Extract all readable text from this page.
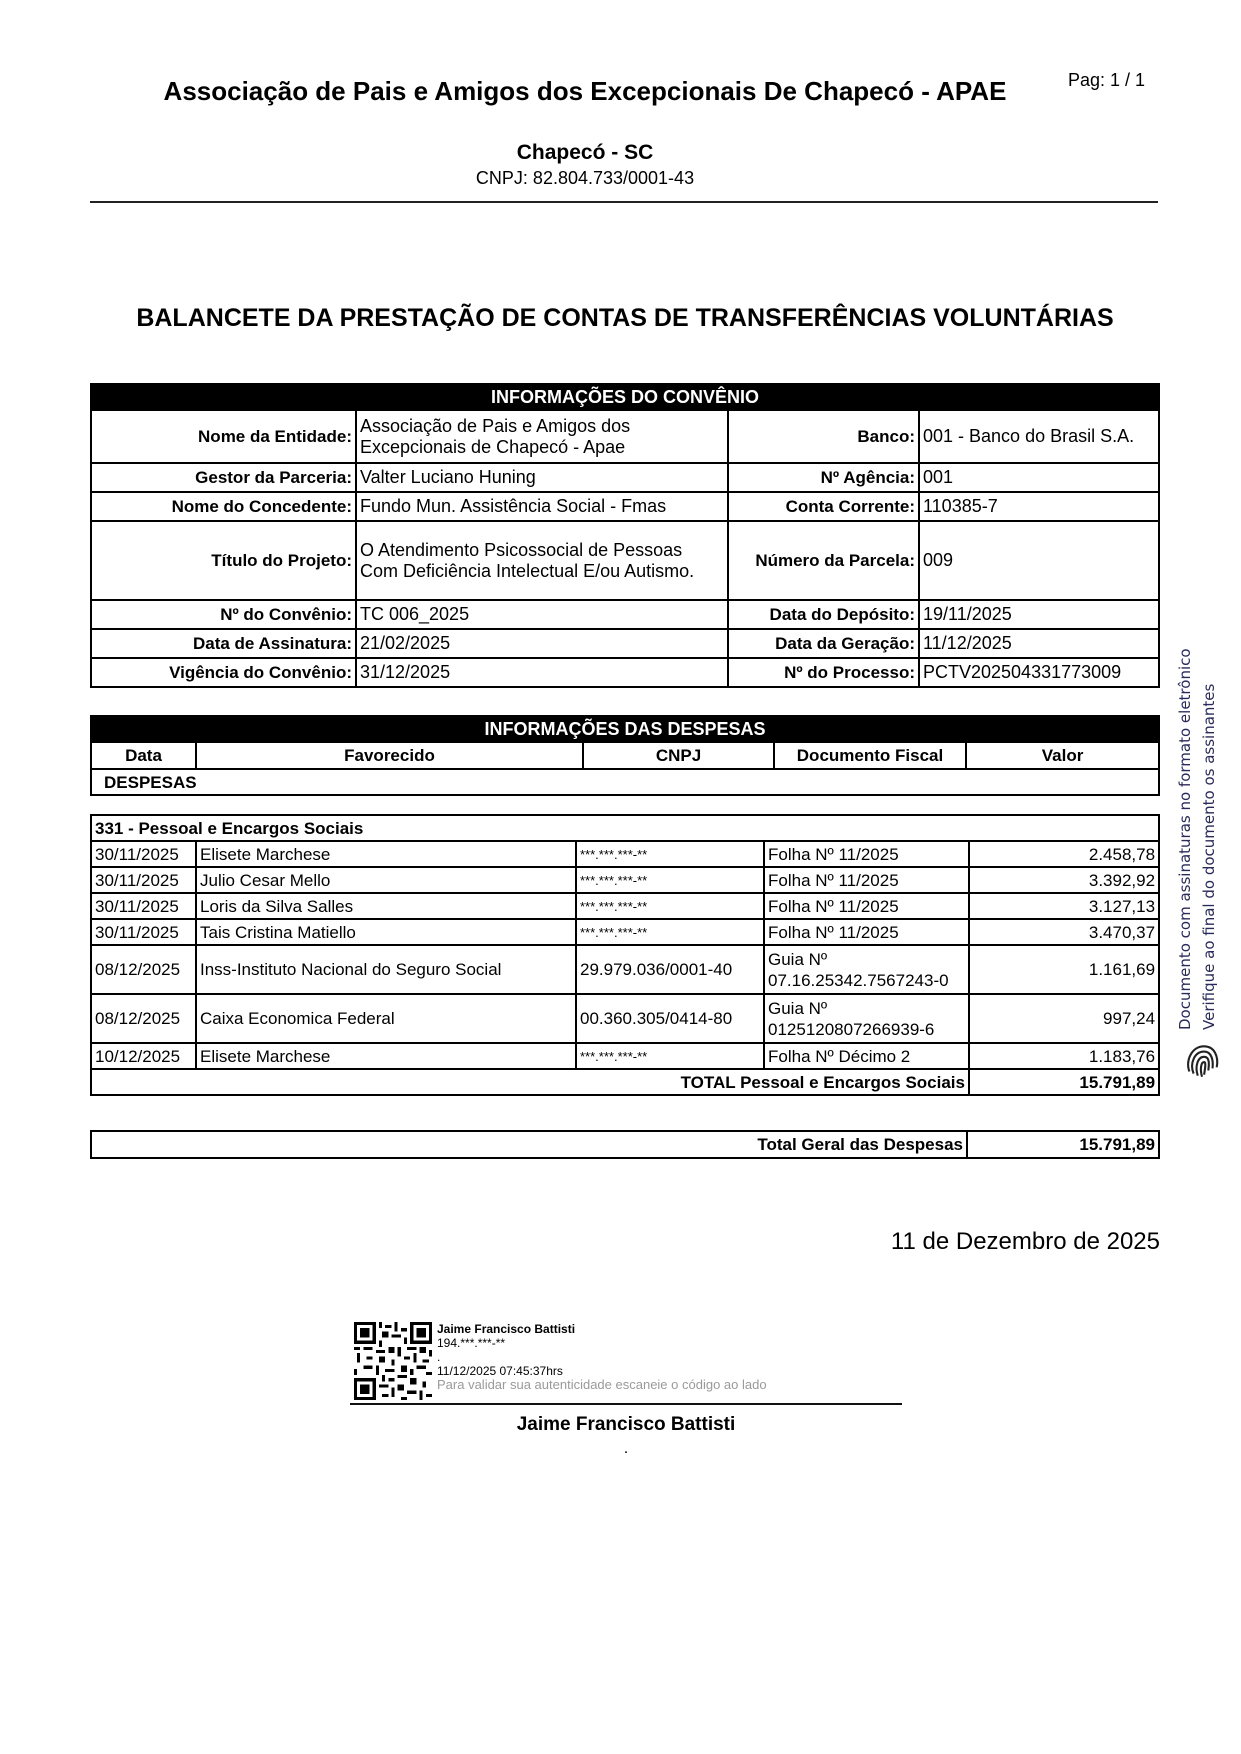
Pag: 1 / 1
Associação de Pais e Amigos dos Excepcionais De Chapecó - APAE
Chapecó - SC
CNPJ: 82.804.733/0001-43
BALANCETE DA PRESTAÇÃO DE CONTAS DE TRANSFERÊNCIAS VOLUNTÁRIAS
INFORMAÇÕES DO CONVÊNIO			
Nome da Entidade:	Associação de Pais e Amigos dos Excepcionais de Chapecó - Apae	Banco:	001 - Banco do Brasil S.A.
Gestor da Parceria:	Valter Luciano Huning	Nº Agência:	001
Nome do Concedente:	Fundo Mun. Assistência Social - Fmas	Conta Corrente:	110385-7
Título do Projeto:	O Atendimento Psicossocial de Pessoas Com Deficiência Intelectual E/ou Autismo.	Número da Parcela:	009
Nº do Convênio:	TC 006_2025	Data do Depósito:	19/11/2025
Data de Assinatura:	21/02/2025	Data da Geração:	11/12/2025
Vigência do Convênio:	31/12/2025	Nº do Processo:	PCTV202504331773009
INFORMAÇÕES DAS DESPESAS
Data	Favorecido	CNPJ	Documento Fiscal	Valor
DESPESAS
331 - Pessoal e Encargos Sociais				
30/11/2025	Elisete Marchese	***.***.***-**	Folha Nº 11/2025	2.458,78
30/11/2025	Julio Cesar Mello	***.***.***-**	Folha Nº 11/2025	3.392,92
30/11/2025	Loris da Silva Salles	***.***.***-**	Folha Nº 11/2025	3.127,13
30/11/2025	Tais Cristina Matiello	***.***.***-**	Folha Nº 11/2025	3.470,37
08/12/2025	Inss-Instituto Nacional do Seguro Social	29.979.036/0001-40	Guia Nº 07.16.25342.7567243-0	1.161,69
08/12/2025	Caixa Economica Federal	00.360.305/0414-80	Guia Nº 0125120807266939-6	997,24
10/12/2025	Elisete Marchese	***.***.***-**	Folha Nº Décimo 2	1.183,76
TOTAL Pessoal e Encargos Sociais				15.791,89
Total Geral das Despesas	15.791,89
11 de Dezembro de 2025
Jaime Francisco Battisti
194.***.***-**
.
11/12/2025 07:45:37hrs
Para validar sua autenticidade escaneie o código ao lado
Jaime Francisco Battisti
.
Documento com assinaturas no formato eletrônico Verifique ao final do documento os assinantes
